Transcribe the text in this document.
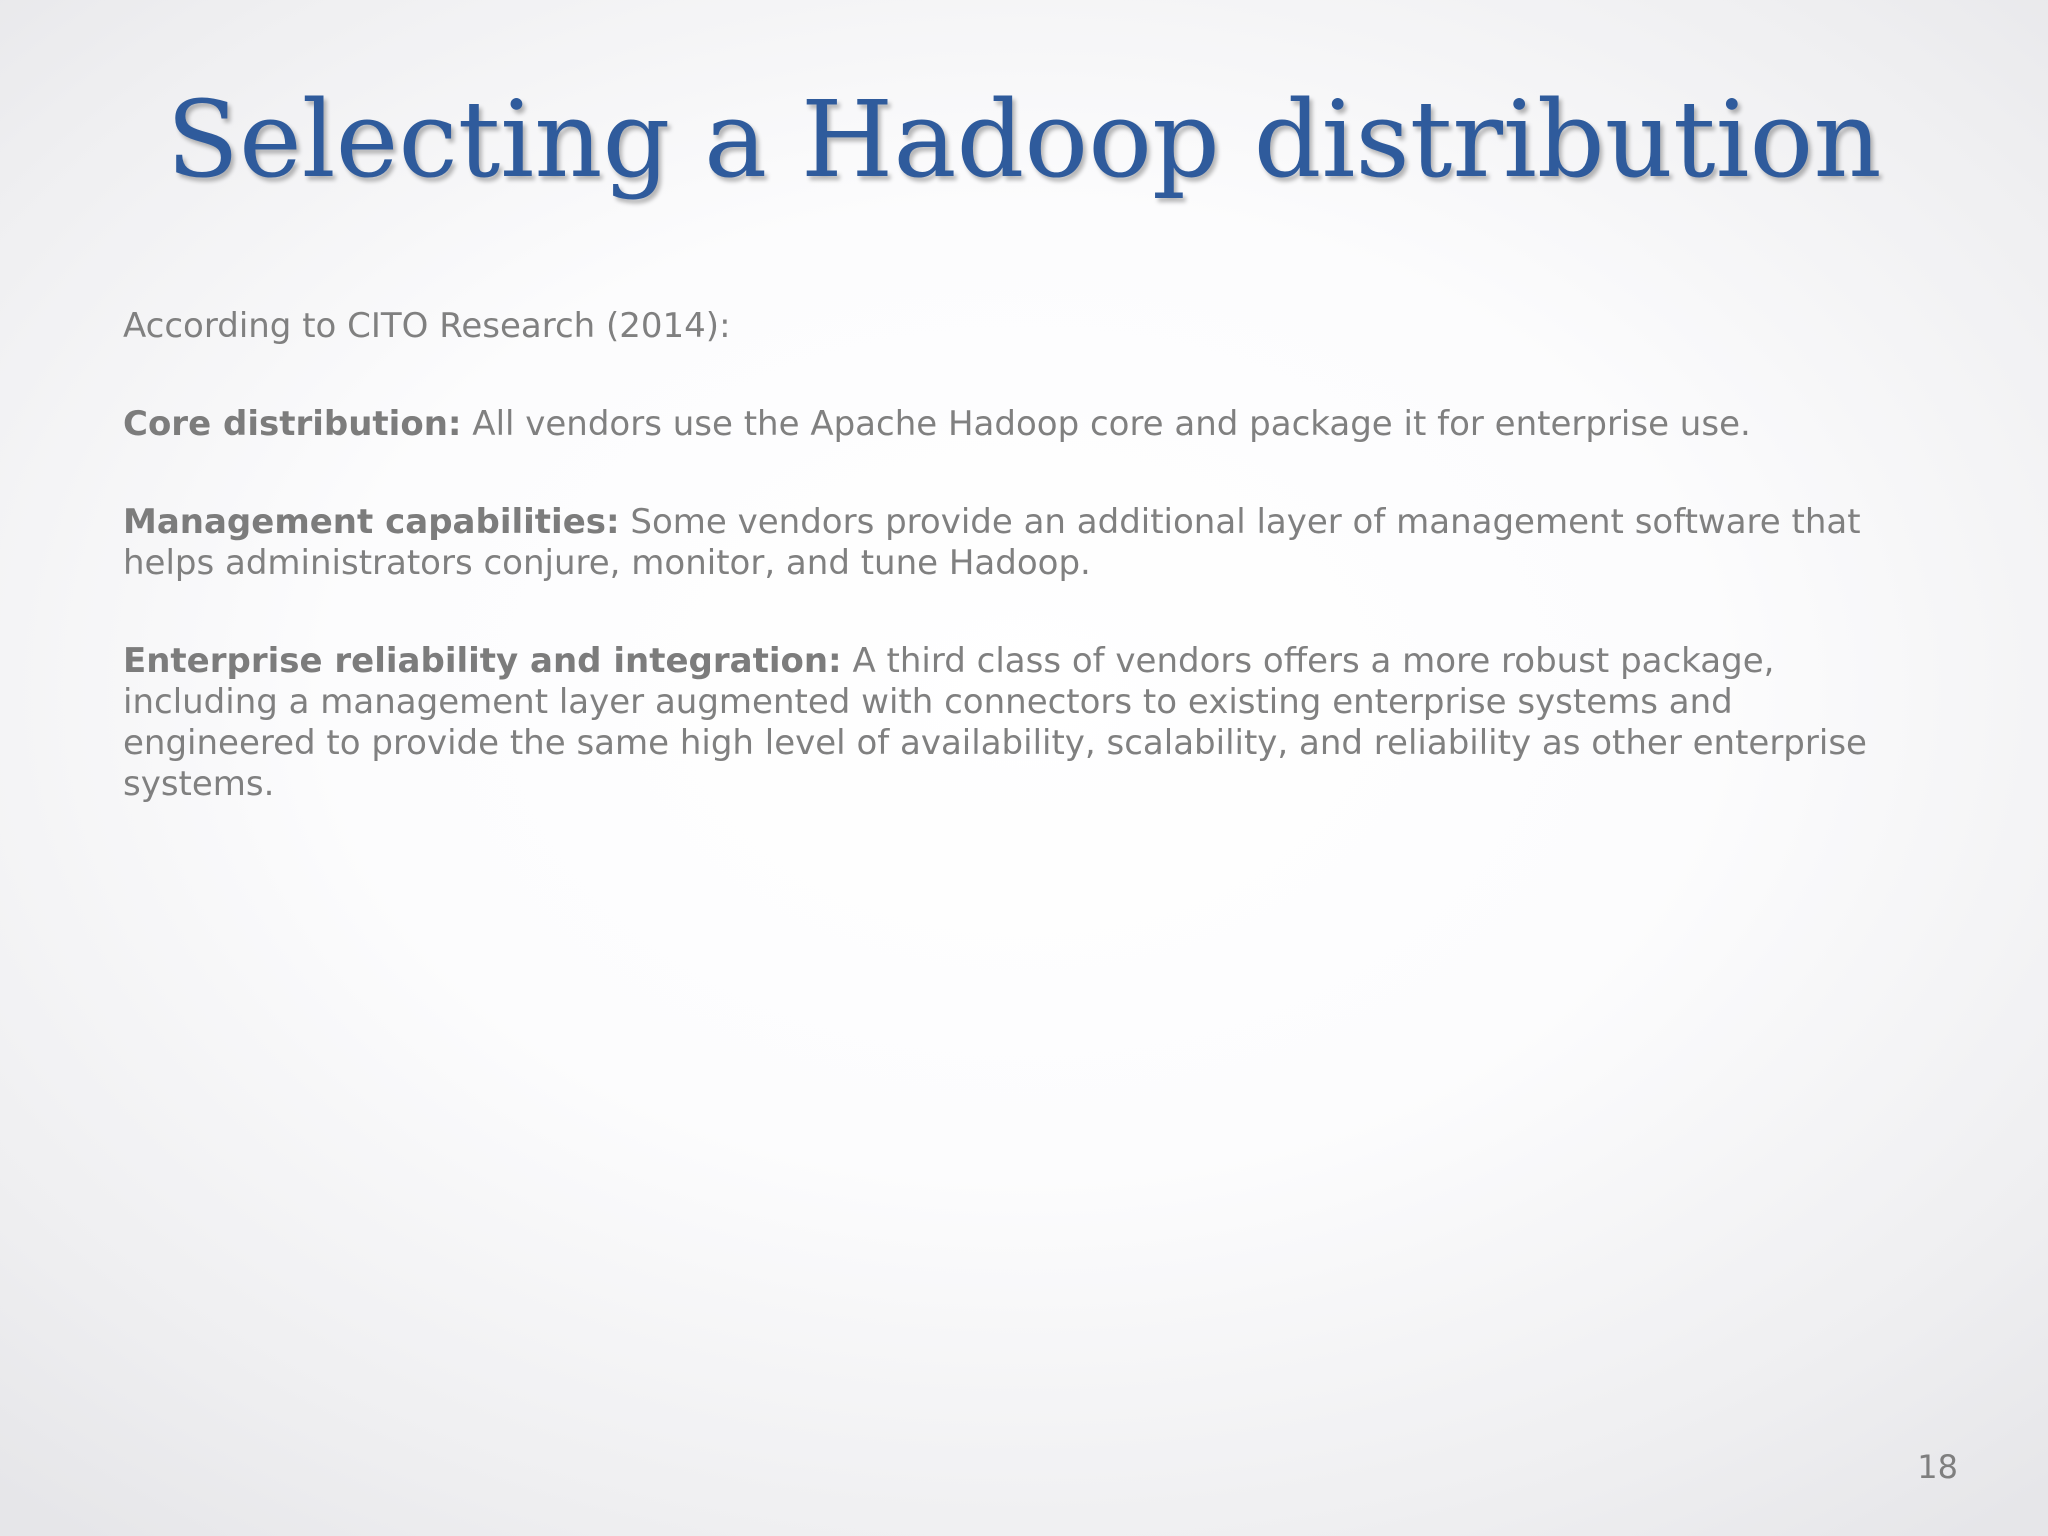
Selecting a Hadoop distribution

According to CITO Research (2014):

Core distribution: All vendors use the Apache Hadoop core and package it for enterprise use.

Management capabilities: Some vendors provide an additional layer of management software that helps administrators conjure, monitor, and tune Hadoop.

Enterprise reliability and integration: A third class of vendors offers a more robust package, including a management layer augmented with connectors to existing enterprise systems and engineered to provide the same high level of availability, scalability, and reliability as other enterprise systems.

18
